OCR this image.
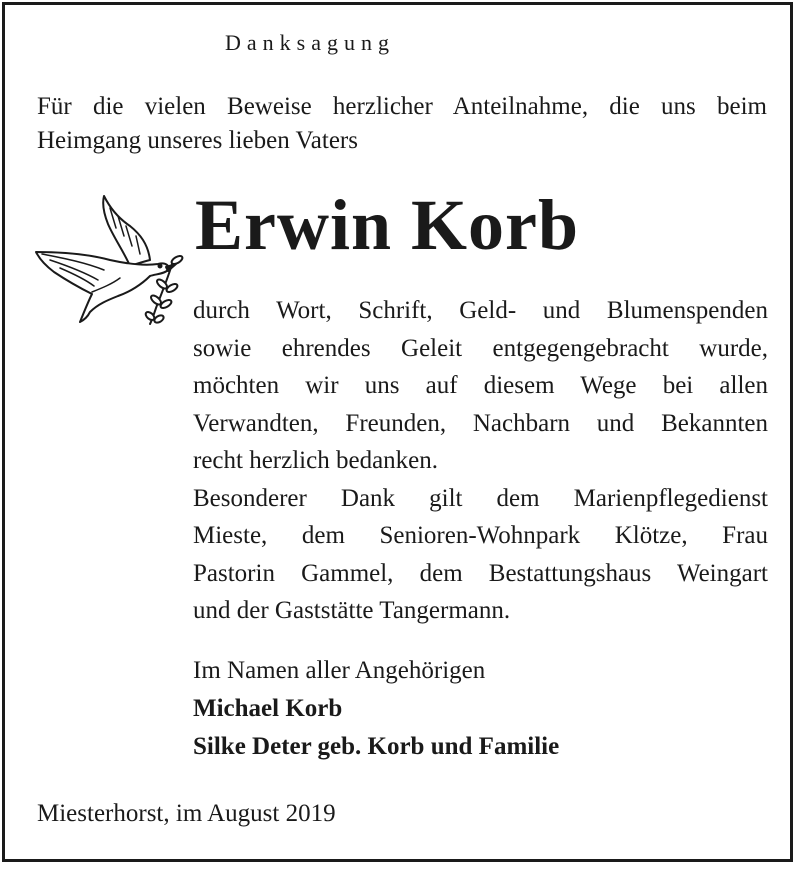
Danksagung
Für die vielen Beweise herzlicher Anteilnahme, die uns beim
Heimgang unseres lieben Vaters
Erwin Korb
durch Wort, Schrift, Geld- und Blumenspenden
sowie ehrendes Geleit entgegengebracht wurde,
möchten wir uns auf diesem Wege bei allen
Verwandten, Freunden, Nachbarn und Bekannten
recht herzlich bedanken.
Besonderer Dank gilt dem Marienpflegedienst
Mieste, dem Senioren-Wohnpark Klötze, Frau
Pastorin Gammel, dem Bestattungshaus Weingart
und der Gaststätte Tangermann.
Im Namen aller Angehörigen
Michael Korb
Silke Deter geb. Korb und Familie
Miesterhorst, im August 2019
